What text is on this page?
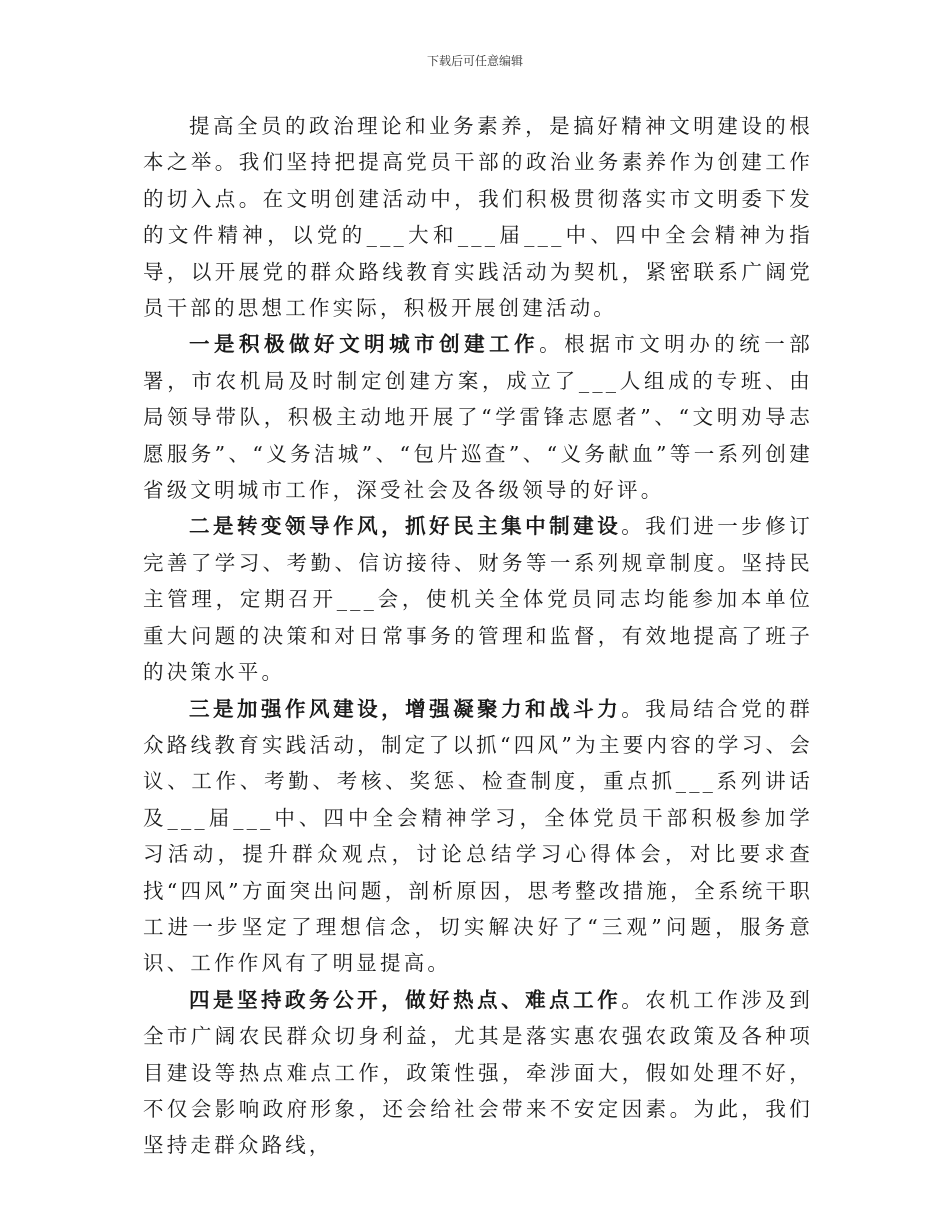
下载后可任意编辑

提高全员的政治理论和业务素养，是搞好精神文明建设的根本之举。我们坚持把提高党员干部的政治业务素养作为创建工作的切入点。在文明创建活动中，我们积极贯彻落实市文明委下发的文件精神，以党的___大和___届___中、四中全会精神为指导，以开展党的群众路线教育实践活动为契机，紧密联系广阔党员干部的思想工作实际，积极开展创建活动。

一是积极做好文明城市创建工作。根据市文明办的统一部署，市农机局及时制定创建方案，成立了___人组成的专班、由局领导带队，积极主动地开展了“学雷锋志愿者”、“文明劝导志愿服务”、“义务洁城”、“包片巡查”、“义务献血”等一系列创建省级文明城市工作，深受社会及各级领导的好评。

二是转变领导作风，抓好民主集中制建设。我们进一步修订完善了学习、考勤、信访接待、财务等一系列规章制度。坚持民主管理，定期召开___会，使机关全体党员同志均能参加本单位重大问题的决策和对日常事务的管理和监督，有效地提高了班子的决策水平。

三是加强作风建设，增强凝聚力和战斗力。我局结合党的群众路线教育实践活动，制定了以抓“四风”为主要内容的学习、会议、工作、考勤、考核、奖惩、检查制度，重点抓___系列讲话及___届___中、四中全会精神学习，全体党员干部积极参加学习活动，提升群众观点，讨论总结学习心得体会，对比要求查找“四风”方面突出问题，剖析原因，思考整改措施，全系统干职工进一步坚定了理想信念，切实解决好了“三观”问题，服务意识、工作作风有了明显提高。

四是坚持政务公开，做好热点、难点工作。农机工作涉及到全市广阔农民群众切身利益，尤其是落实惠农强农政策及各种项目建设等热点难点工作，政策性强，牵涉面大，假如处理不好，不仅会影响政府形象，还会给社会带来不安定因素。为此，我们坚持走群众路线，
